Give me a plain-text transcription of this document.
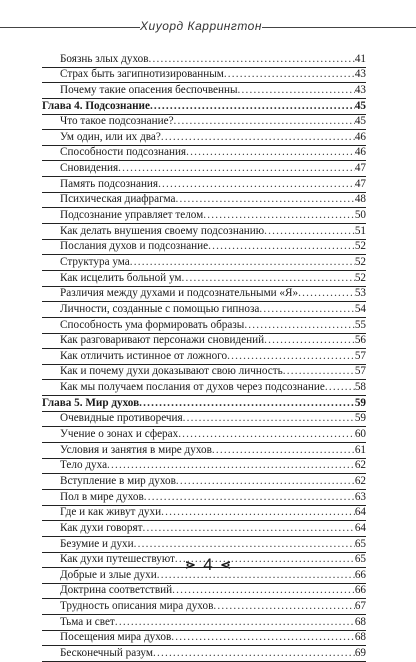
Хиуорд Каррингтон
Боязнь злых духов .....	41
Страх быть загипнотизированным .....	43
Почему такие опасения беспочвенны .....	43
Глава 4. Подсознание .....	45
Что такое подсознание? .....	45
Ум один, или их два? .....	46
Способности подсознания .....	46
Сновидения .....	47
Память подсознания .....	47
Психическая диафрагма .....	48
Подсознание управляет телом .....	50
Как делать внушения своему подсознанию .....	51
Послания духов и подсознание .....	52
Структура ума .....	52
Как исцелить больной ум .....	52
Различия между духами и подсознательными «Я» .....	53
Личности, созданные с помощью гипноза .....	54
Способность ума формировать образы .....	55
Как разговаривают персонажи сновидений .....	56
Как отличить истинное от ложного .....	57
Как и почему духи доказывают свою личность .....	57
Как мы получаем послания от духов через подсознание .....	58
Глава 5. Мир духов .....	59
Очевидные противоречия .....	59
Учение о зонах и сферах .....	60
Условия и занятия в мире духов .....	61
Тело духа .....	62
Вступление в мир духов .....	62
Пол в мире духов .....	63
Где и как живут духи .....	64
Как духи говорят .....	64
Безумие и духи .....	65
Как духи путешествуют .....	65
Добрые и злые духи .....	66
Доктрина соответствий .....	66
Трудность описания мира духов .....	67
Тьма и свет .....	68
Посещения мира духов .....	68
Бесконечный разум .....	69
⋗ 4 ⋖
